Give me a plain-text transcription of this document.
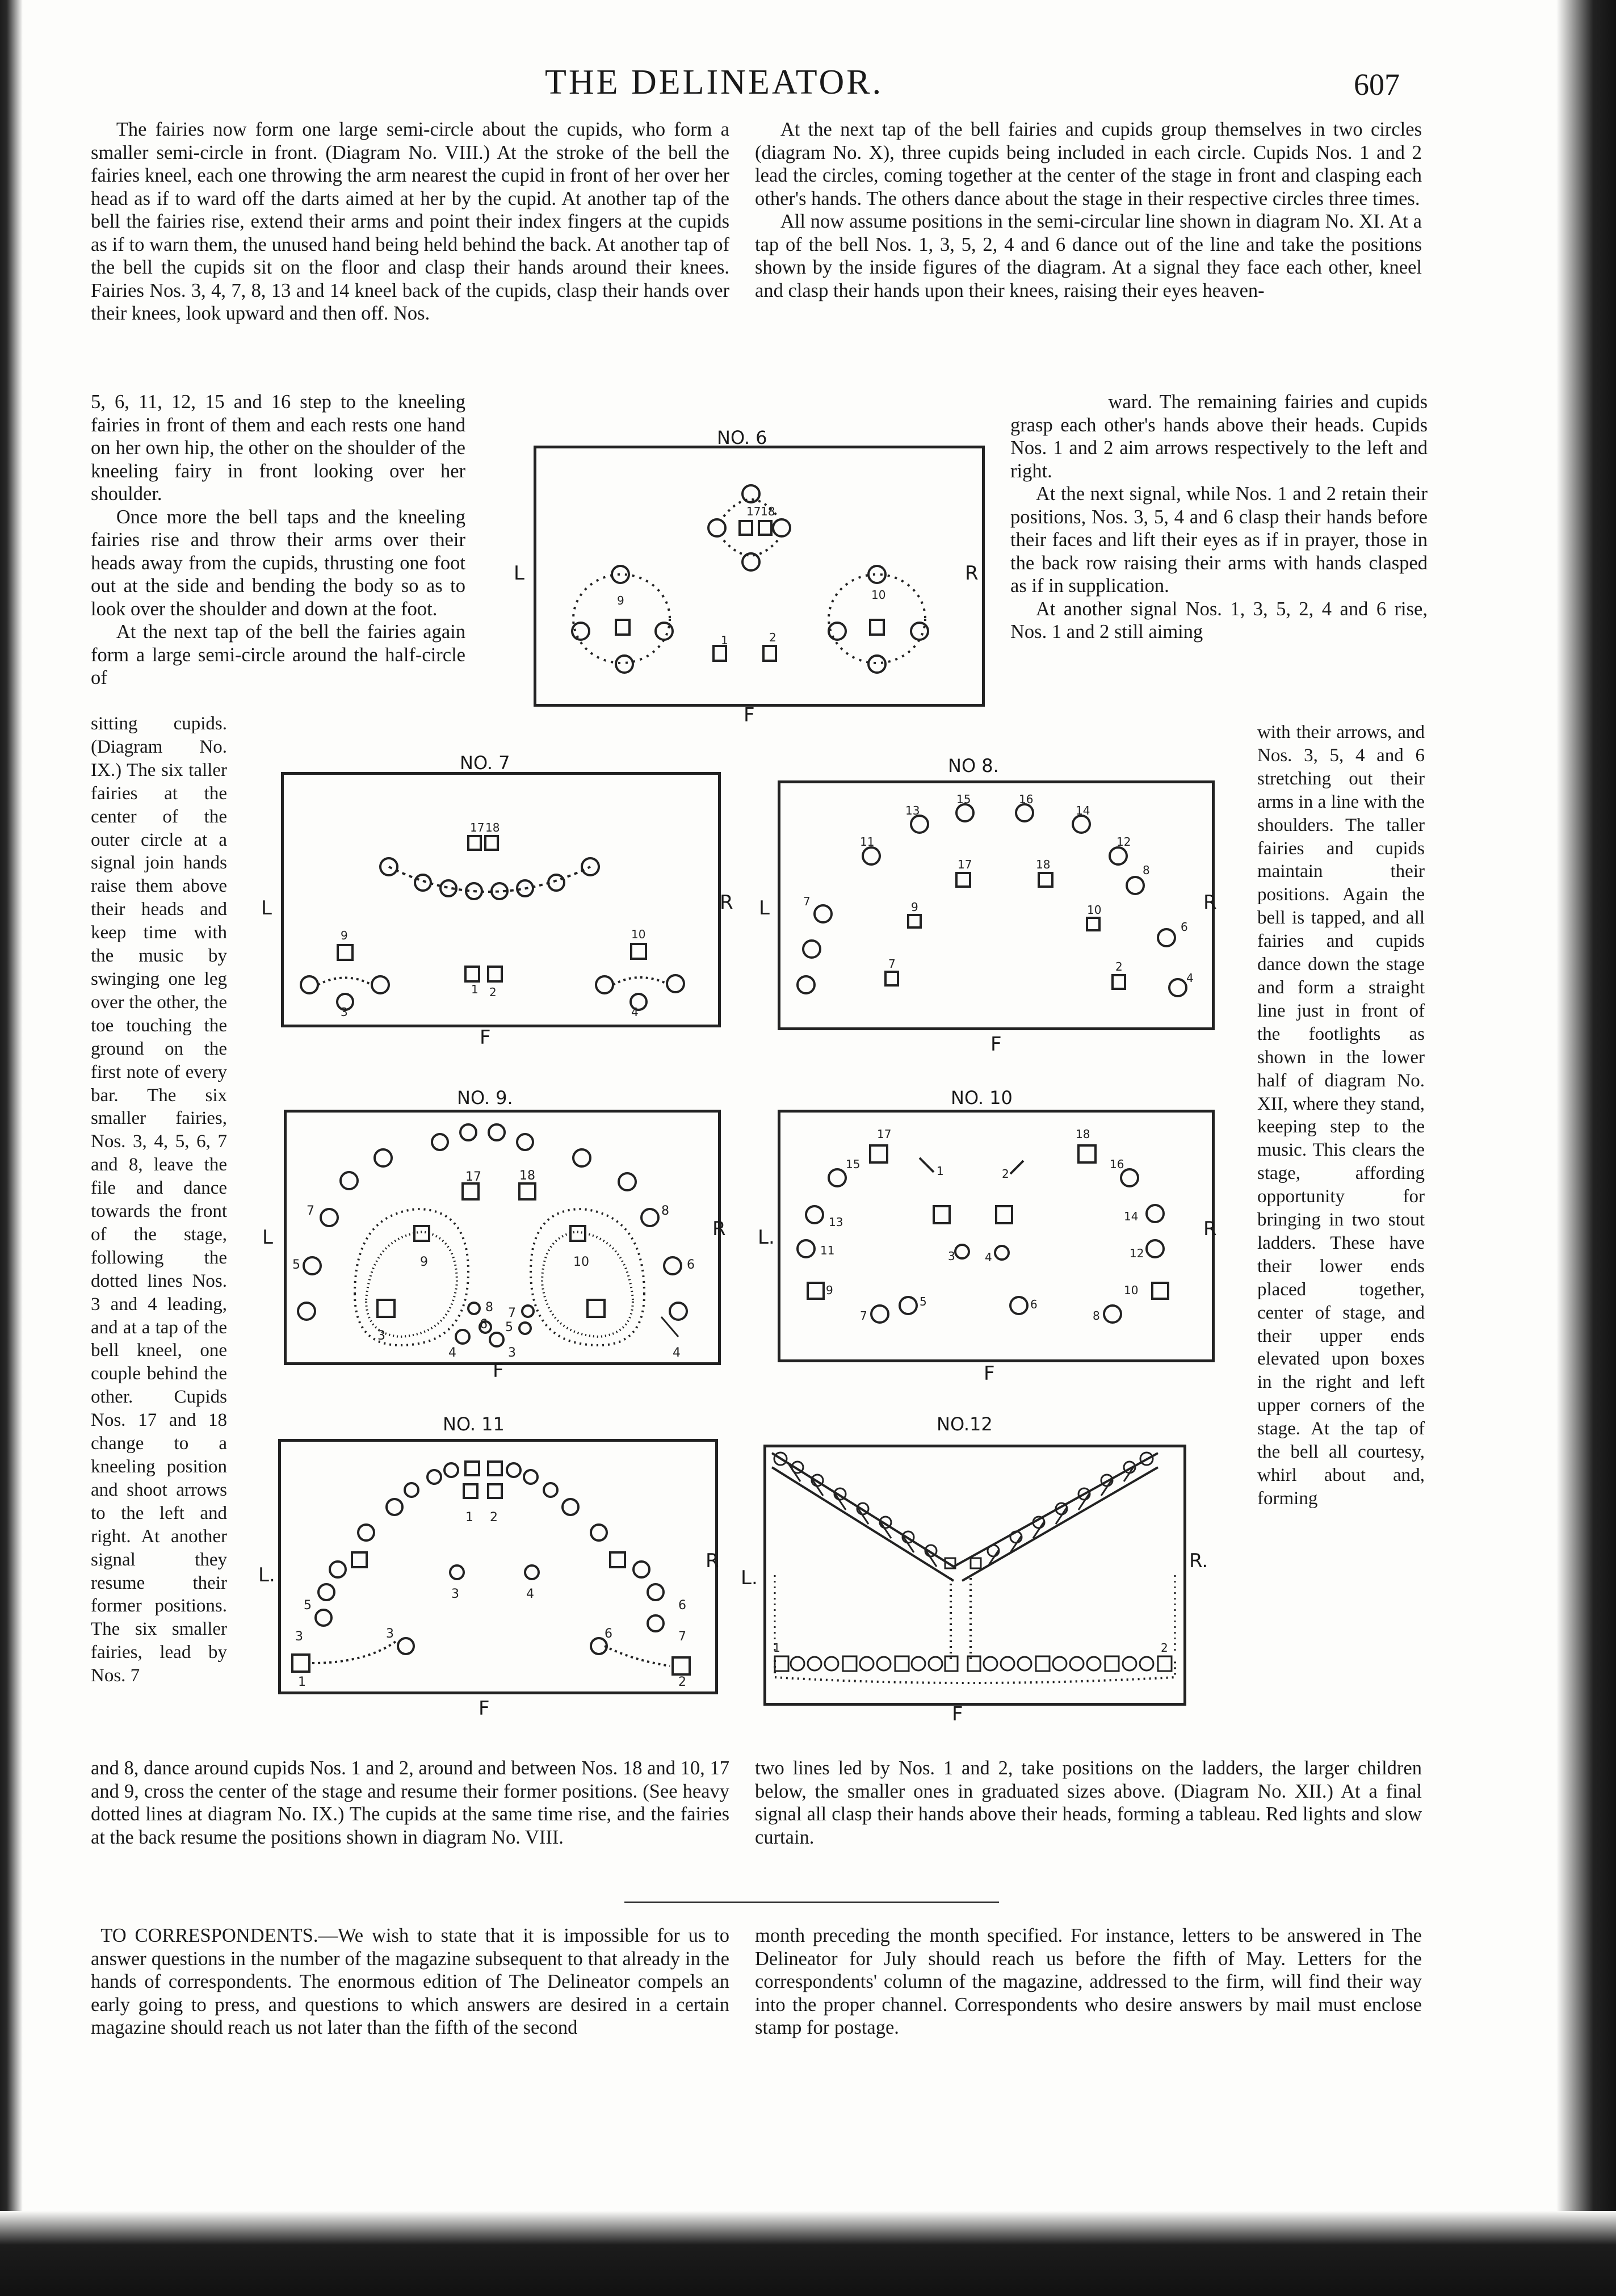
THE DELINEATOR.	607

The fairies now form one large semi-circle about the cupids, who form a smaller semi-circle in front. (Diagram No. VIII.) At the stroke of the bell the fairies kneel, each one throwing the arm nearest the cupid in front of her over her head as if to ward off the darts aimed at her by the cupid. At another tap of the bell the fairies rise, extend their arms and point their index fingers at the cupids as if to warn them, the unused hand being held behind the back. At another tap of the bell the cupids sit on the floor and clasp their hands around their knees. Fairies Nos. 3, 4, 7, 8, 13 and 14 kneel back of the cupids, clasp their hands over their knees, look upward and then off. Nos.

5, 6, 11, 12, 15 and 16 step to the kneeling fairies in front of them and each rests one hand on her own hip, the other on the shoulder of the kneeling fairy in front looking over her shoulder.

Once more the bell taps and the kneeling fairies rise and throw their arms over their heads away from the cupids, thrusting one foot out at the side and bending the body so as to look over the shoulder and down at the foot.

At the next tap of the bell the fairies again form a large semi-circle around the half-circle of

sitting cupids. (Diagram No. IX.) The six taller fairies at the center of the outer circle at a signal join hands raise them above their heads and keep time with the music by swinging one leg over the other, the toe touching the ground on the first note of every bar. The six smaller fairies, Nos. 3, 4, 5, 6, 7 and 8, leave the file and dance towards the front of the stage, following the dotted lines Nos. 3 and 4 leading, and at a tap of the bell kneel, one couple behind the other. Cupids Nos. 17 and 18 change to a kneeling position and shoot arrows to the left and right. At another signal they resume their former positions. The six smaller fairies, lead by Nos. 7

and 8, dance around cupids Nos. 1 and 2, around and between Nos. 18 and 10, 17 and 9, cross the center of the stage and resume their former positions. (See heavy dotted lines at diagram No. IX.) The cupids at the same time rise, and the fairies at the back resume the positions shown in diagram No. VIII.

At the next tap of the bell fairies and cupids group themselves in two circles (diagram No. X), three cupids being included in each circle. Cupids Nos. 1 and 2 lead the circles, coming together at the center of the stage in front and clasping each other's hands. The others dance about the stage in their respective circles three times.

All now assume positions in the semi-circular line shown in diagram No. XI. At a tap of the bell Nos. 1, 3, 5, 2, 4 and 6 dance out of the line and take the positions shown by the inside figures of the diagram. At a signal they face each other, kneel and clasp their hands upon their knees, raising their eyes heaven-

ward. The remaining fairies and cupids grasp each other's hands above their heads. Cupids Nos. 1 and 2 aim arrows respectively to the left and right.

At the next signal, while Nos. 1 and 2 retain their positions, Nos. 3, 5, 4 and 6 clasp their hands before their faces and lift their eyes as if in prayer, those in the back row raising their arms with hands clasped as if in supplication.

At another signal Nos. 1, 3, 5, 2, 4 and 6 rise, Nos. 1 and 2 still aiming

with their arrows, and Nos. 3, 5, 4 and 6 stretching out their arms in a line with the shoulders. The taller fairies and cupids maintain their positions. Again the bell is tapped, and all fairies and cupids dance down the stage and form a straight line just in front of the footlights as shown in the lower half of diagram No. XII, where they stand, keeping step to the music. This clears the stage, affording opportunity for bringing in two stout ladders. These have their lower ends placed together, center of stage, and their upper ends elevated upon boxes in the right and left upper corners of the stage. At the tap of the bell all courtesy, whirl about and, forming

two lines led by Nos. 1 and 2, take positions on the ladders, the larger children below, the smaller ones in graduated sizes above. (Diagram No. XII.) At a final signal all clasp their hands above their heads, forming a tableau. Red lights and slow curtain.

TO CORRESPONDENTS.—We wish to state that it is impossible for us to answer questions in the number of the magazine subsequent to that already in the hands of correspondents. The enormous edition of The Delineator compels an early going to press, and questions to which answers are desired in a certain magazine should reach us not later than the fifth of the second

month preceding the month specified. For instance, letters to be answered in The Delineator for July should reach us before the fifth of May. Letters for the correspondents' column of the magazine, addressed to the firm, will find their way into the proper channel. Correspondents who desire answers by mail must enclose stamp for postage.

NO. 6
17 18
9	10
1	2
L	R
F
NO. 7
17 18
9	10
1 2
3	4
L	R
F
NO 8.
13
15	16
14
11	12
17	18	8
7	9	10
6
7	2
4
L	R
F
NO. 9.
17	18
7	8
5	6
9	10
3
4	3	4
8 7
6 5
L	R
F
NO. 10
17	18
15	16
13	14
11	12
1	2
9	10
3	4
7
5	6
8
L.	R
F
NO. 11
1 2
3	4
5	6
3	7
3	6
1	2
L.
R
F
NO.12
1	2
L.
R.
F
